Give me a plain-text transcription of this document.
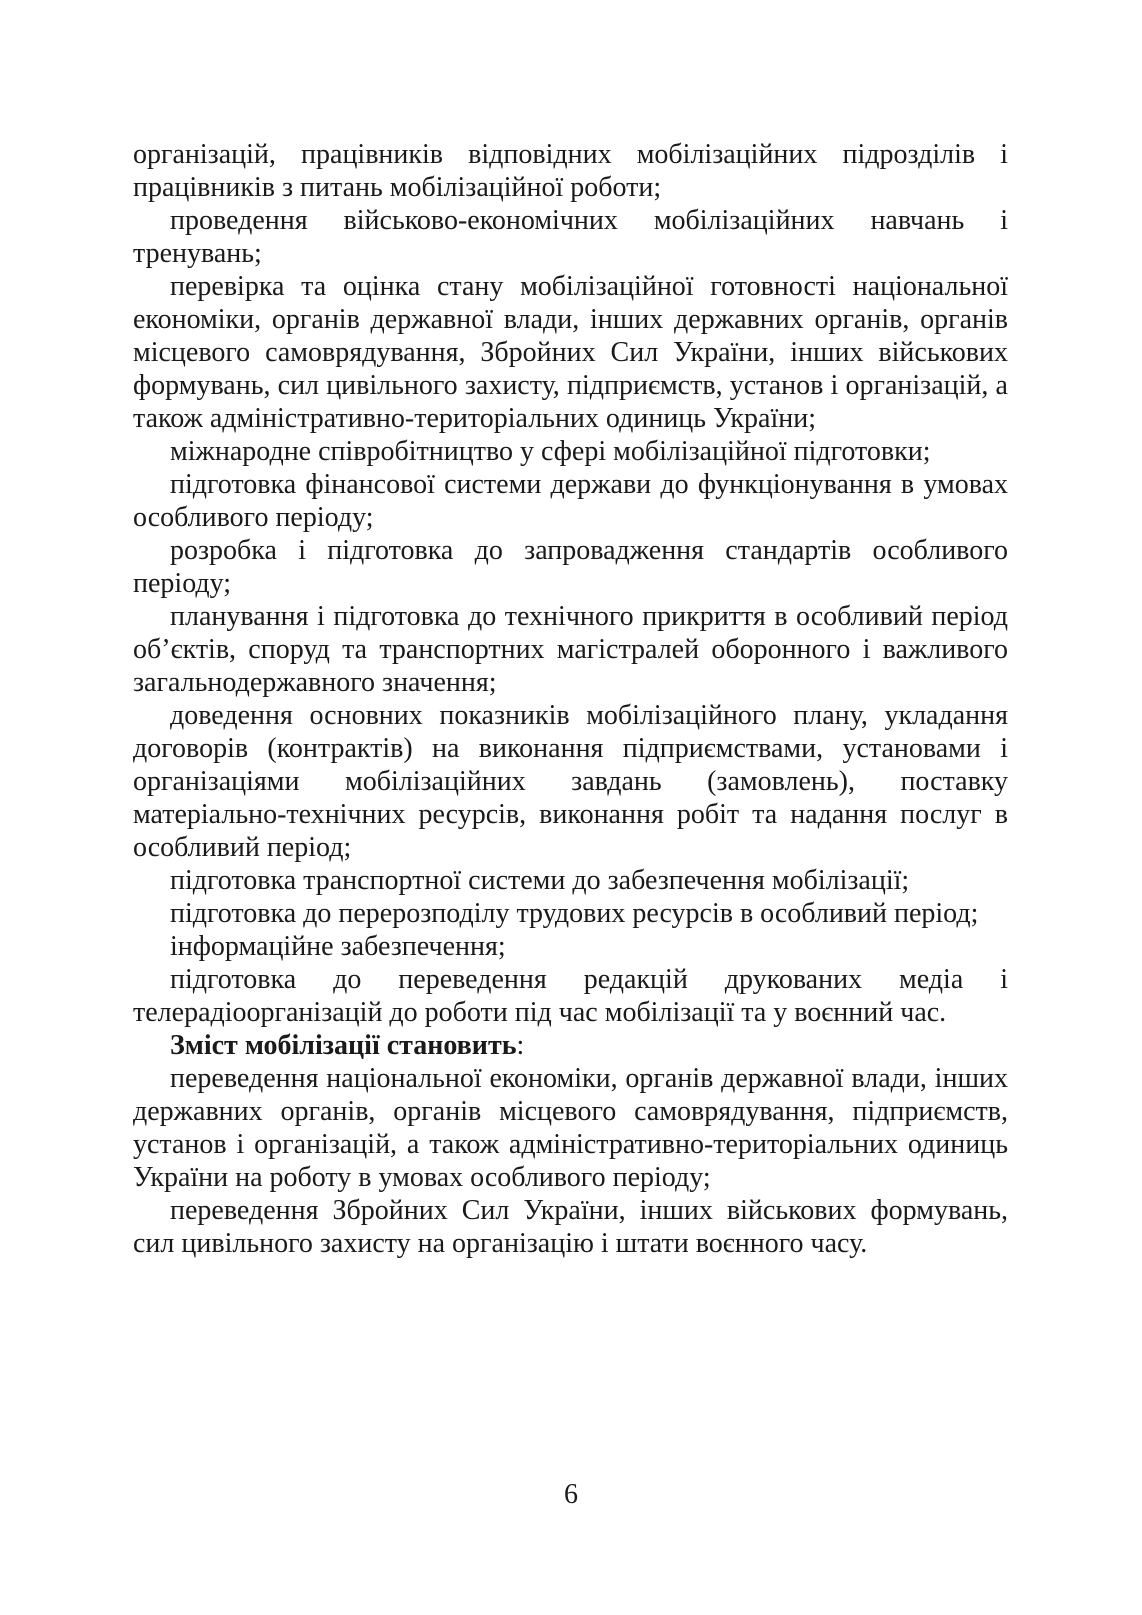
організацій, працівників відповідних мобілізаційних підрозділів і працівників з питань мобілізаційної роботи;

проведення військово-економічних мобілізаційних навчань і тренувань;

перевірка та оцінка стану мобілізаційної готовності національної економіки, органів державної влади, інших державних органів, органів місцевого самоврядування, Збройних Сил України, інших військових формувань, сил цивільного захисту, підприємств, установ і організацій, а також адміністративно-територіальних одиниць України;

міжнародне співробітництво у сфері мобілізаційної підготовки;

підготовка фінансової системи держави до функціонування в умовах особливого періоду;

розробка і підготовка до запровадження стандартів особливого періоду;

планування і підготовка до технічного прикриття в особливий період об’єктів, споруд та транспортних магістралей оборонного і важливого загальнодержавного значення;

доведення основних показників мобілізаційного плану, укладання договорів (контрактів) на виконання підприємствами, установами і організаціями мобілізаційних завдань (замовлень), поставку матеріально-технічних ресурсів, виконання робіт та надання послуг в особливий період;

підготовка транспортної системи до забезпечення мобілізації;

підготовка до перерозподілу трудових ресурсів в особливий період;

інформаційне забезпечення;

підготовка до переведення редакцій друкованих медіа і телерадіоорганізацій до роботи під час мобілізації та у воєнний час.

Зміст мобілізації становить:

переведення національної економіки, органів державної влади, інших державних органів, органів місцевого самоврядування, підприємств, установ і організацій, а також адміністративно-територіальних одиниць України на роботу в умовах особливого періоду;

переведення Збройних Сил України, інших військових формувань, сил цивільного захисту на організацію і штати воєнного часу.

6
